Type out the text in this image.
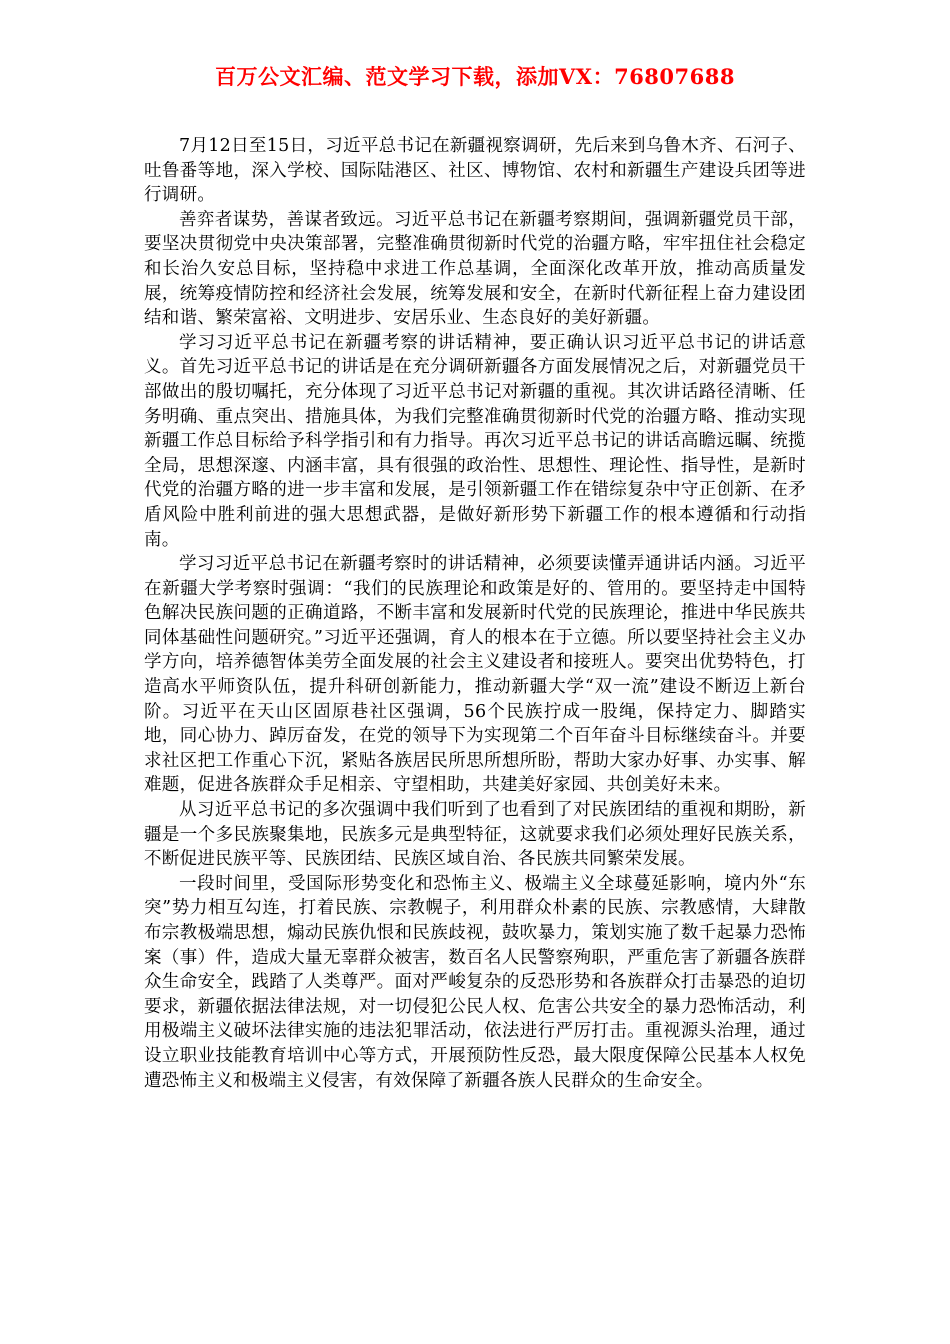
百万公文汇编、范文学习下载，添加VX：76807688

7月12日至15日，习近平总书记在新疆视察调研，先后来到乌鲁木齐、石河子、吐鲁番等地，深入学校、国际陆港区、社区、博物馆、农村和新疆生产建设兵团等进行调研。

善弈者谋势，善谋者致远。习近平总书记在新疆考察期间，强调新疆党员干部，要坚决贯彻党中央决策部署，完整准确贯彻新时代党的治疆方略，牢牢扭住社会稳定和长治久安总目标，坚持稳中求进工作总基调，全面深化改革开放，推动高质量发展，统筹疫情防控和经济社会发展，统筹发展和安全，在新时代新征程上奋力建设团结和谐、繁荣富裕、文明进步、安居乐业、生态良好的美好新疆。

学习习近平总书记在新疆考察的讲话精神，要正确认识习近平总书记的讲话意义。首先习近平总书记的讲话是在充分调研新疆各方面发展情况之后，对新疆党员干部做出的殷切嘱托，充分体现了习近平总书记对新疆的重视。其次讲话路径清晰、任务明确、重点突出、措施具体，为我们完整准确贯彻新时代党的治疆方略、推动实现新疆工作总目标给予科学指引和有力指导。再次习近平总书记的讲话高瞻远瞩、统揽全局，思想深邃、内涵丰富，具有很强的政治性、思想性、理论性、指导性，是新时代党的治疆方略的进一步丰富和发展，是引领新疆工作在错综复杂中守正创新、在矛盾风险中胜利前进的强大思想武器，是做好新形势下新疆工作的根本遵循和行动指南。

学习习近平总书记在新疆考察时的讲话精神，必须要读懂弄通讲话内涵。习近平在新疆大学考察时强调：“我们的民族理论和政策是好的、管用的。要坚持走中国特色解决民族问题的正确道路，不断丰富和发展新时代党的民族理论，推进中华民族共同体基础性问题研究。”习近平还强调，育人的根本在于立德。所以要坚持社会主义办学方向，培养德智体美劳全面发展的社会主义建设者和接班人。要突出优势特色，打造高水平师资队伍，提升科研创新能力，推动新疆大学“双一流”建设不断迈上新台阶。习近平在天山区固原巷社区强调，56个民族拧成一股绳，保持定力、脚踏实地，同心协力、踔厉奋发，在党的领导下为实现第二个百年奋斗目标继续奋斗。并要求社区把工作重心下沉，紧贴各族居民所思所想所盼，帮助大家办好事、办实事、解难题，促进各族群众手足相亲、守望相助，共建美好家园、共创美好未来。

从习近平总书记的多次强调中我们听到了也看到了对民族团结的重视和期盼，新疆是一个多民族聚集地，民族多元是典型特征，这就要求我们必须处理好民族关系，不断促进民族平等、民族团结、民族区域自治、各民族共同繁荣发展。

一段时间里，受国际形势变化和恐怖主义、极端主义全球蔓延影响，境内外“东突”势力相互勾连，打着民族、宗教幌子，利用群众朴素的民族、宗教感情，大肆散布宗教极端思想，煽动民族仇恨和民族歧视，鼓吹暴力，策划实施了数千起暴力恐怖案（事）件，造成大量无辜群众被害，数百名人民警察殉职，严重危害了新疆各族群众生命安全，践踏了人类尊严。面对严峻复杂的反恐形势和各族群众打击暴恐的迫切要求，新疆依据法律法规，对一切侵犯公民人权、危害公共安全的暴力恐怖活动，利用极端主义破坏法律实施的违法犯罪活动，依法进行严厉打击。重视源头治理，通过设立职业技能教育培训中心等方式，开展预防性反恐，最大限度保障公民基本人权免遭恐怖主义和极端主义侵害，有效保障了新疆各族人民群众的生命安全。
